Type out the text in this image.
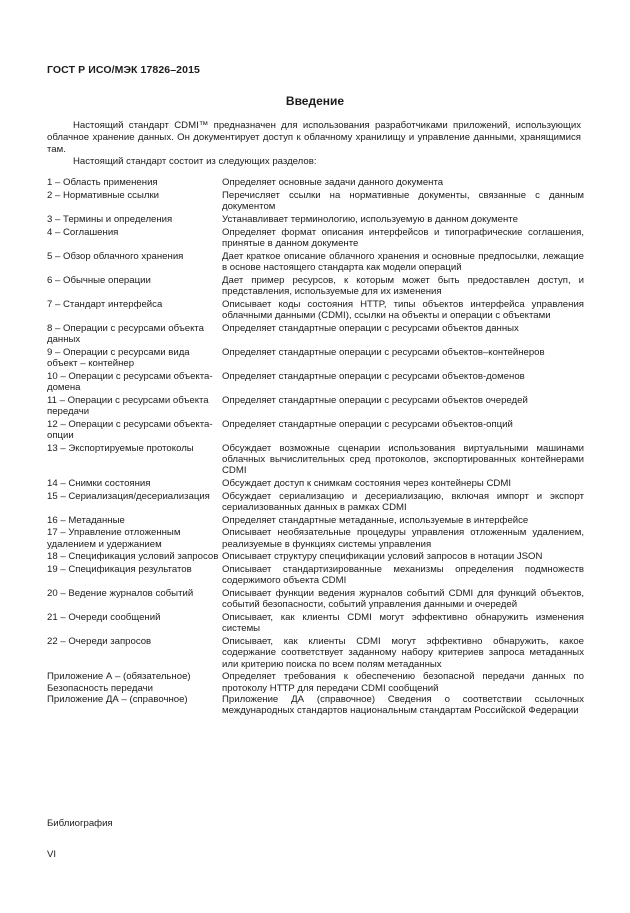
ГОСТ Р ИСО/МЭК 17826–2015
Введение

Настоящий стандарт CDMI™ предназначен для использования разработчиками приложений, использующих облачное хранение данных. Он документирует доступ к облачному хранилищу и управление данными, хранящимися там.

Настоящий стандарт состоит из следующих разделов:

1 – Область применения	Определяет основные задачи данного документа
2 – Нормативные ссылки	Перечисляет ссылки на нормативные документы, связанные с данным документом
3 – Термины и определения	Устанавливает терминологию, используемую в данном документе
4 – Соглашения	Определяет формат описания интерфейсов и типографические соглашения, принятые в данном документе
5 – Обзор облачного хранения	Дает краткое описание облачного хранения и основные предпосылки, лежащие в основе настоящего стандарта как модели операций
6 – Обычные операции	Дает пример ресурсов, к которым может быть предоставлен доступ, и представления, используемые для их изменения
7 – Стандарт интерфейса	Описывает коды состояния HTTP, типы объектов интерфейса управления облачными данными (CDMI), ссылки на объекты и операции с объектами
8 – Операции с ресурсами объекта данных	Определяет стандартные операции с ресурсами объектов данных
9 – Операции с ресурсами вида объект – контейнер	Определяет стандартные операции с ресурсами объектов–контейнеров
10 – Операции с ресурсами объекта-домена	Определяет стандартные операции с ресурсами объектов-доменов
11 – Операции с ресурсами объекта передачи	Определяет стандартные операции с ресурсами объектов очередей
12 – Операции с ресурсами объекта-опции	Определяет стандартные операции с ресурсами объектов-опций
13 – Экспортируемые протоколы	Обсуждает возможные сценарии использования виртуальными машинами облачных вычислительных сред протоколов, экспортированных контейнерами CDMI
14 – Снимки состояния	Обсуждает доступ к снимкам состояния через контейнеры CDMI
15 – Сериализация/десериализация	Обсуждает сериализацию и десериализацию, включая импорт и экспорт сериализованных данных в рамках CDMI
16 – Метаданные	Определяет стандартные метаданные, используемые в интерфейсе
17 – Управление отложенным удалением и удержанием	Описывает необязательные процедуры управления отложенным удалением, реализуемые в функциях системы управления
18 – Спецификация условий запросов	Описывает структуру спецификации условий запросов в нотации JSON
19 – Спецификация результатов	Описывает стандартизированные механизмы определения подмножеств содержимого объекта CDMI
20 – Ведение журналов событий	Описывает функции ведения журналов событий CDMI для функций объектов, событий безопасности, событий управления данными и очередей
21 – Очереди сообщений	Описывает, как клиенты CDMI могут эффективно обнаружить изменения системы
22 – Очереди запросов	Описывает, как клиенты CDMI могут эффективно обнаружить, какое содержание соответствует заданному набору критериев запроса метаданных или критерию поиска по всем полям метаданных
Приложение А – (обязательное) Безопасность передачи	Определяет требования к обеспечению безопасной передачи данных по протоколу HTTP для передачи CDMI сообщений
Приложение ДА – (справочное)	Приложение ДА (справочное) Сведения о соответствии ссылочных международных стандартов национальным стандартам Российской Федерации
Библиография
VI
